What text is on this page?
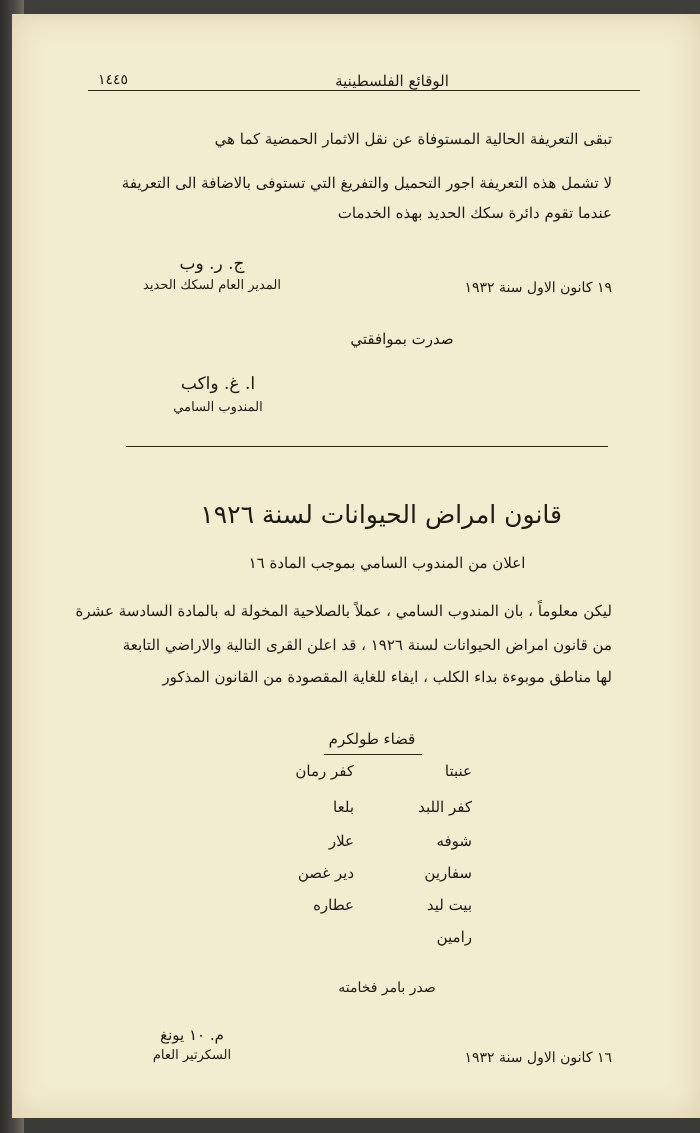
الوقائع الفلسطينية
١٤٤٥
تبقى التعريفة الحالية المستوفاة عن نقل الاثمار الحمضية كما هي
لا تشمل هذه التعريفة اجور التحميل والتفريغ التي تستوفى بالاضافة الى التعريفة
عندما تقوم دائرة سكك الحديد بهذه الخدمات
ج. ر. وب
المدير العام لسكك الحديد	١٩ كانون الاول سنة ١٩٣٢
صدرت بموافقتي
ا. غ. واكب
المندوب السامي
قانون امراض الحيوانات لسنة ١٩٢٦
اعلان من المندوب السامي بموجب المادة ١٦
ليكن معلوماً ، بان المندوب السامي ، عملاً بالصلاحية المخولة له بالمادة السادسة عشرة
من قانون امراض الحيوانات لسنة ١٩٢٦ ، قد اعلن القرى التالية والاراضي التابعة
لها مناطق موبوءة بداء الكلب ، ايفاء للغاية المقصودة من القانون المذكور
قضاء طولكرم
عنبتا
كفر اللبد
شوفه
سفارين
بيت ليد
رامين
كفر رمان
بلعا
علار
دير غصن
عطاره
صدر بامر فخامته
م. ١٠ يونغ
السكرتير العام	١٦ كانون الاول سنة ١٩٣٢
